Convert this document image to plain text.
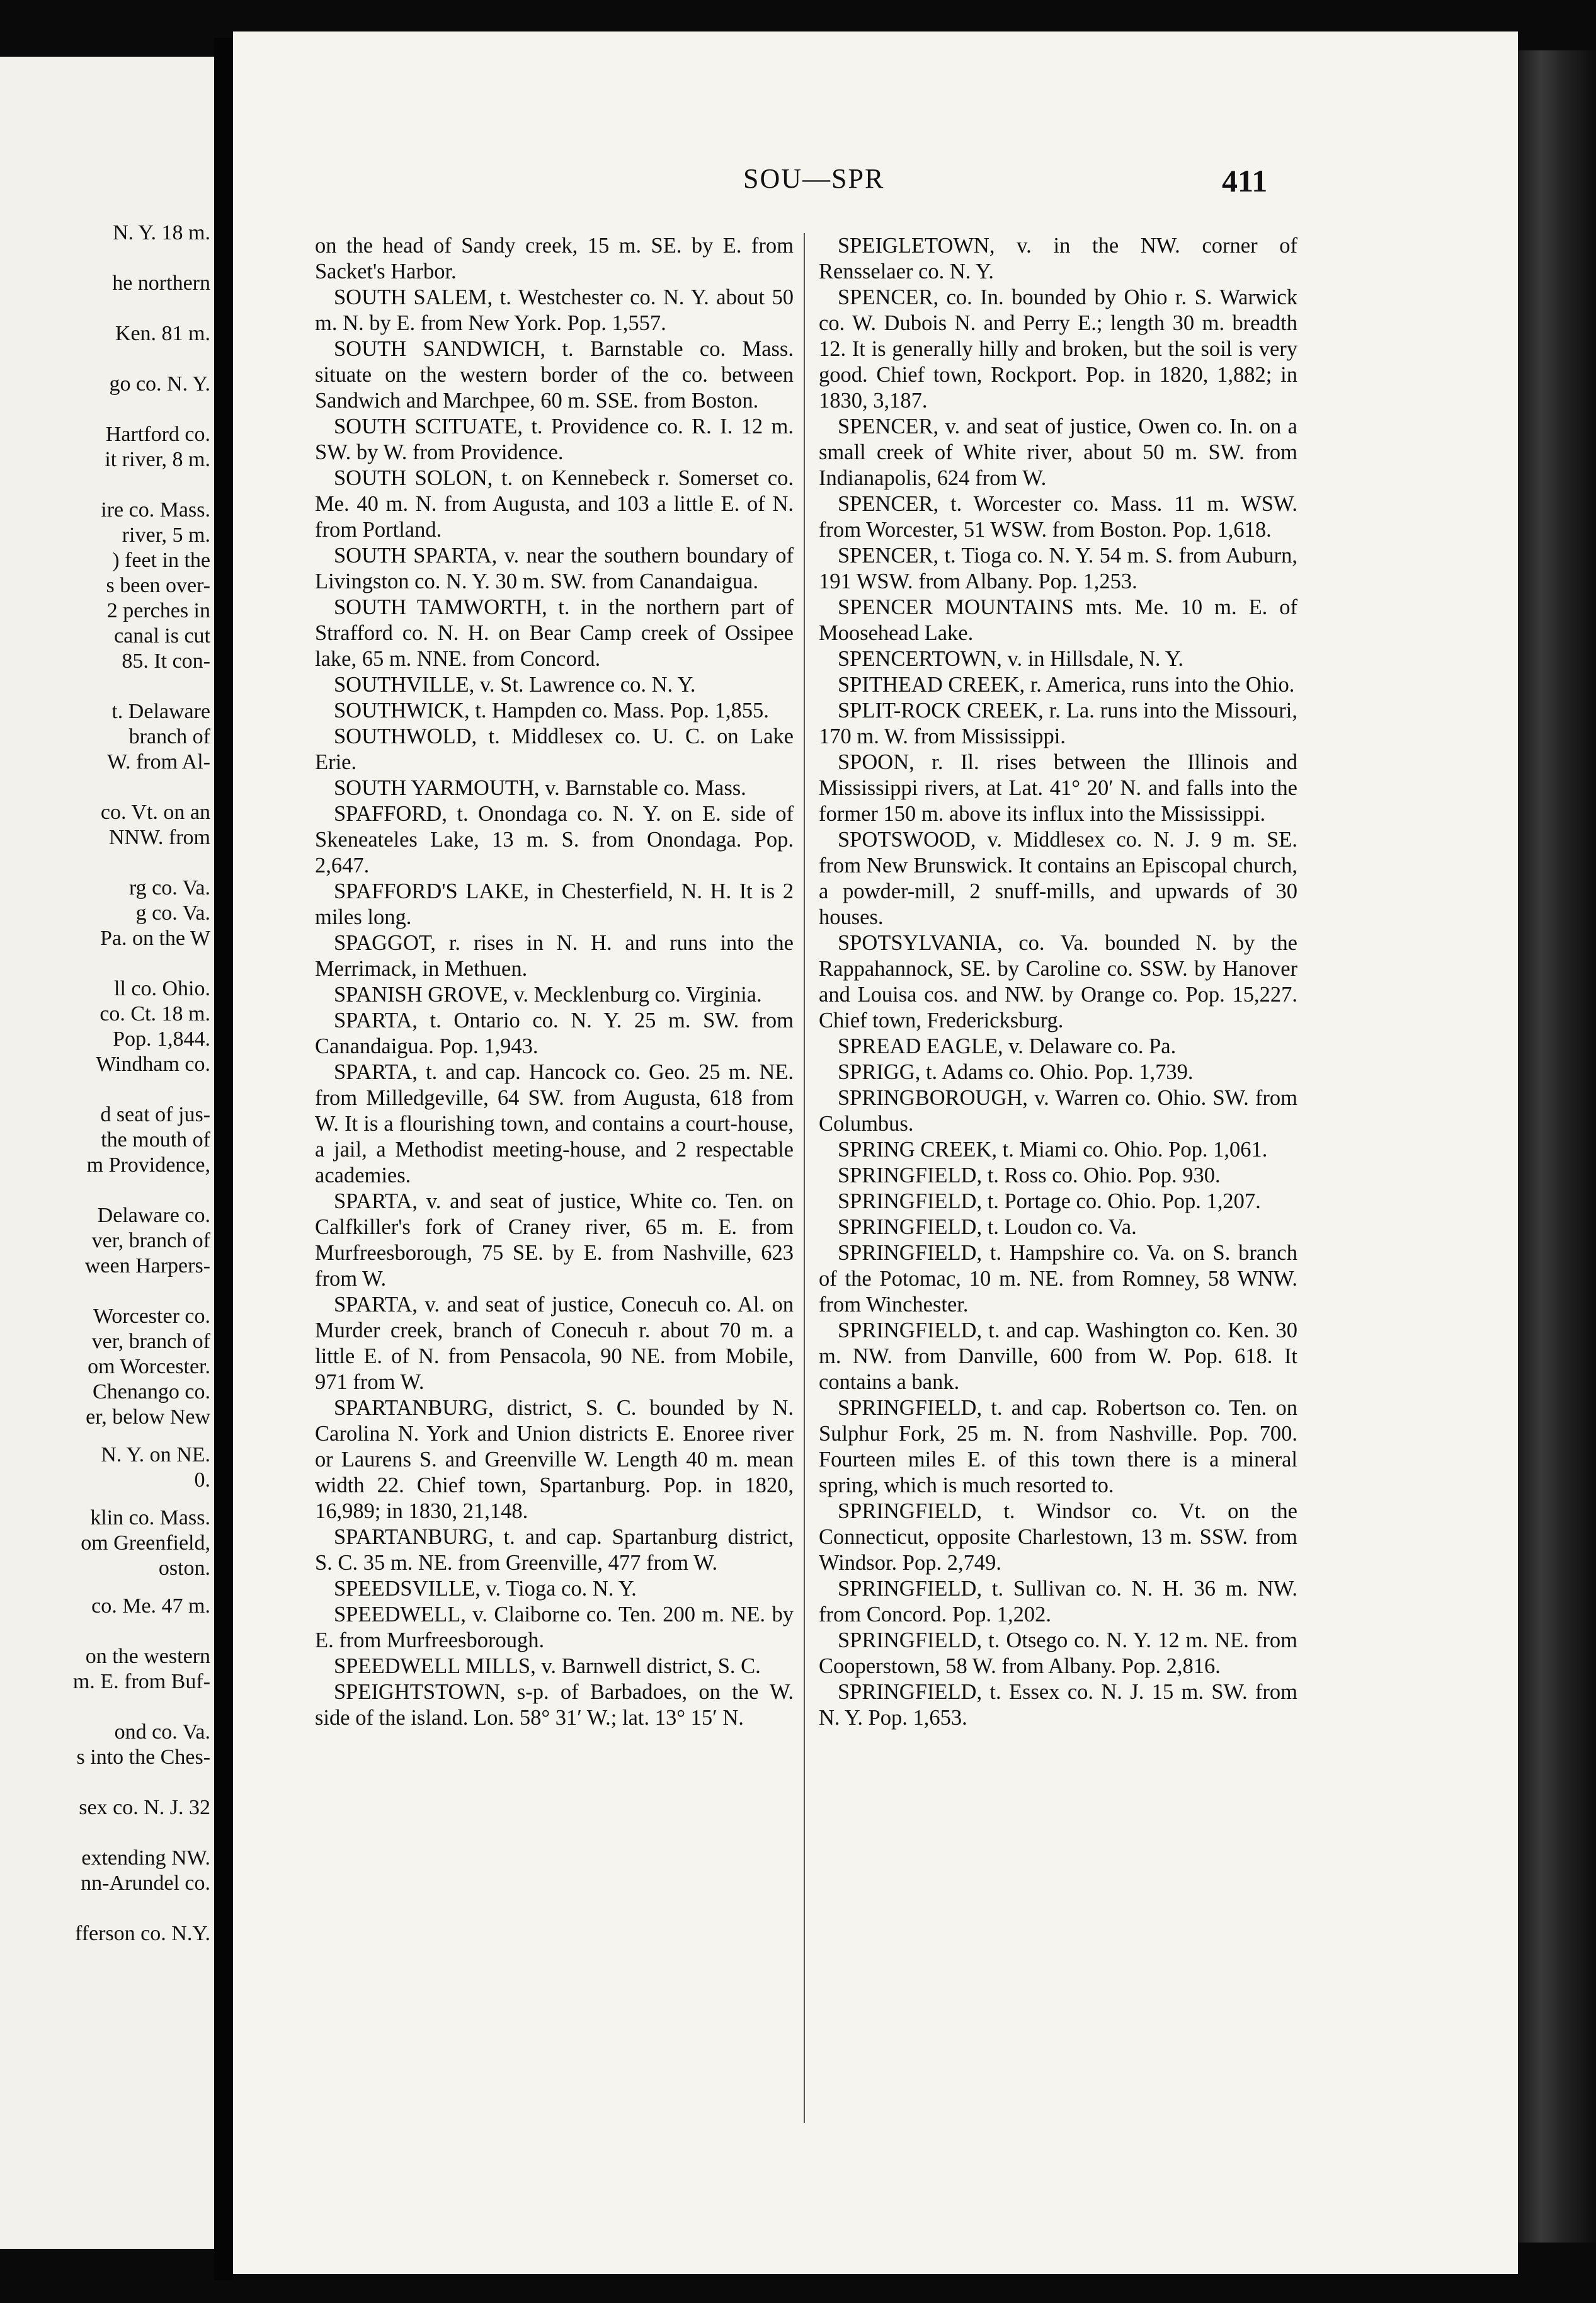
N. Y. 18 m.
he northern
Ken. 81 m.
go co. N. Y.
Hartford co.
it river, 8 m.
ire co. Mass.
river, 5 m.
) feet in the
s been over-
2 perches in
canal is cut
85. It con-
t. Delaware
branch of
W. from Al-
co. Vt. on an
NNW. from
rg co. Va.
g co. Va.
Pa. on the W
ll co. Ohio.
co. Ct. 18 m.
Pop. 1,844.
Windham co.
d seat of jus-
the mouth of
m Providence,
Delaware co.
ver, branch of
ween Harpers-
Worcester co.
ver, branch of
om Worcester.
Chenango co.
er, below New
N. Y. on NE.
0.
klin co. Mass.
om Greenfield,
oston.
co. Me. 47 m.
on the western
m. E. from Buf-
ond co. Va.
s into the Ches-
sex co. N. J. 32
extending NW.
nn-Arundel co.
fferson co. N.Y.
SOU—SPR	411

on the head of Sandy creek, 15 m. SE. by E. from Sacket's Harbor.

SOUTH SALEM, t. Westchester co. N. Y. about 50 m. N. by E. from New York. Pop. 1,557.

SOUTH SANDWICH, t. Barnstable co. Mass. situate on the western border of the co. between Sandwich and Marchpee, 60 m. SSE. from Boston.

SOUTH SCITUATE, t. Providence co. R. I. 12 m. SW. by W. from Providence.

SOUTH SOLON, t. on Kennebeck r. Somerset co. Me. 40 m. N. from Augusta, and 103 a little E. of N. from Portland.

SOUTH SPARTA, v. near the southern boundary of Livingston co. N. Y. 30 m. SW. from Canandaigua.

SOUTH TAMWORTH, t. in the northern part of Strafford co. N. H. on Bear Camp creek of Ossipee lake, 65 m. NNE. from Concord.

SOUTHVILLE, v. St. Lawrence co. N. Y.

SOUTHWICK, t. Hampden co. Mass. Pop. 1,855.

SOUTHWOLD, t. Middlesex co. U. C. on Lake Erie.

SOUTH YARMOUTH, v. Barnstable co. Mass.

SPAFFORD, t. Onondaga co. N. Y. on E. side of Skeneateles Lake, 13 m. S. from Onondaga. Pop. 2,647.

SPAFFORD'S LAKE, in Chesterfield, N. H. It is 2 miles long.

SPAGGOT, r. rises in N. H. and runs into the Merrimack, in Methuen.

SPANISH GROVE, v. Mecklenburg co. Virginia.

SPARTA, t. Ontario co. N. Y. 25 m. SW. from Canandaigua. Pop. 1,943.

SPARTA, t. and cap. Hancock co. Geo. 25 m. NE. from Milledgeville, 64 SW. from Augusta, 618 from W. It is a flourishing town, and contains a court-house, a jail, a Methodist meeting-house, and 2 respectable academies.

SPARTA, v. and seat of justice, White co. Ten. on Calfkiller's fork of Craney river, 65 m. E. from Murfreesborough, 75 SE. by E. from Nashville, 623 from W.

SPARTA, v. and seat of justice, Conecuh co. Al. on Murder creek, branch of Conecuh r. about 70 m. a little E. of N. from Pensacola, 90 NE. from Mobile, 971 from W.

SPARTANBURG, district, S. C. bounded by N. Carolina N. York and Union districts E. Enoree river or Laurens S. and Greenville W. Length 40 m. mean width 22. Chief town, Spartanburg. Pop. in 1820, 16,989; in 1830, 21,148.

SPARTANBURG, t. and cap. Spartanburg district, S. C. 35 m. NE. from Greenville, 477 from W.

SPEEDSVILLE, v. Tioga co. N. Y.

SPEEDWELL, v. Claiborne co. Ten. 200 m. NE. by E. from Murfreesborough.

SPEEDWELL MILLS, v. Barnwell district, S. C.

SPEIGHTSTOWN, s-p. of Barbadoes, on the W. side of the island. Lon. 58° 31′ W.; lat. 13° 15′ N.

SPEIGLETOWN, v. in the NW. corner of Rensselaer co. N. Y.

SPENCER, co. In. bounded by Ohio r. S. Warwick co. W. Dubois N. and Perry E.; length 30 m. breadth 12. It is generally hilly and broken, but the soil is very good. Chief town, Rockport. Pop. in 1820, 1,882; in 1830, 3,187.

SPENCER, v. and seat of justice, Owen co. In. on a small creek of White river, about 50 m. SW. from Indianapolis, 624 from W.

SPENCER, t. Worcester co. Mass. 11 m. WSW. from Worcester, 51 WSW. from Boston. Pop. 1,618.

SPENCER, t. Tioga co. N. Y. 54 m. S. from Auburn, 191 WSW. from Albany. Pop. 1,253.

SPENCER MOUNTAINS mts. Me. 10 m. E. of Moosehead Lake.

SPENCERTOWN, v. in Hillsdale, N. Y.

SPITHEAD CREEK, r. America, runs into the Ohio.

SPLIT-ROCK CREEK, r. La. runs into the Missouri, 170 m. W. from Mississippi.

SPOON, r. Il. rises between the Illinois and Mississippi rivers, at Lat. 41° 20′ N. and falls into the former 150 m. above its influx into the Mississippi.

SPOTSWOOD, v. Middlesex co. N. J. 9 m. SE. from New Brunswick. It contains an Episcopal church, a powder-mill, 2 snuff-mills, and upwards of 30 houses.

SPOTSYLVANIA, co. Va. bounded N. by the Rappahannock, SE. by Caroline co. SSW. by Hanover and Louisa cos. and NW. by Orange co. Pop. 15,227. Chief town, Fredericksburg.

SPREAD EAGLE, v. Delaware co. Pa.

SPRIGG, t. Adams co. Ohio. Pop. 1,739.

SPRINGBOROUGH, v. Warren co. Ohio. SW. from Columbus.

SPRING CREEK, t. Miami co. Ohio. Pop. 1,061.

SPRINGFIELD, t. Ross co. Ohio. Pop. 930.

SPRINGFIELD, t. Portage co. Ohio. Pop. 1,207.

SPRINGFIELD, t. Loudon co. Va.

SPRINGFIELD, t. Hampshire co. Va. on S. branch of the Potomac, 10 m. NE. from Romney, 58 WNW. from Winchester.

SPRINGFIELD, t. and cap. Washington co. Ken. 30 m. NW. from Danville, 600 from W. Pop. 618. It contains a bank.

SPRINGFIELD, t. and cap. Robertson co. Ten. on Sulphur Fork, 25 m. N. from Nashville. Pop. 700. Fourteen miles E. of this town there is a mineral spring, which is much resorted to.

SPRINGFIELD, t. Windsor co. Vt. on the Connecticut, opposite Charlestown, 13 m. SSW. from Windsor. Pop. 2,749.

SPRINGFIELD, t. Sullivan co. N. H. 36 m. NW. from Concord. Pop. 1,202.

SPRINGFIELD, t. Otsego co. N. Y. 12 m. NE. from Cooperstown, 58 W. from Albany. Pop. 2,816.

SPRINGFIELD, t. Essex co. N. J. 15 m. SW. from N. Y. Pop. 1,653.
